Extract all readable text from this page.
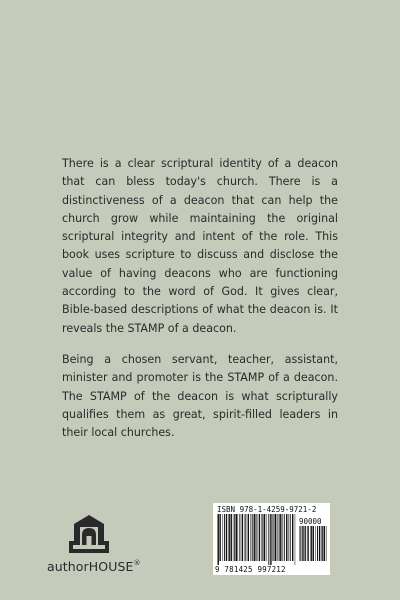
There is a clear scriptural identity of a deacon that can bless today's church. There is a distinctiveness of a deacon that can help the church grow while maintaining the original scriptural integrity and intent of the role. This book uses scripture to discuss and disclose the value of having deacons who are functioning according to the word of God. It gives clear, Bible-based descriptions of what the deacon is. It reveals the STAMP of a deacon.

Being a chosen servant, teacher, assistant, minister and promoter is the STAMP of a deacon. The STAMP of the deacon is what scripturally qualifies them as great, spirit-filled leaders in their local churches.

authorHOUSE®
ISBN 978-1-4259-9721-2
90000
9 781425 997212
